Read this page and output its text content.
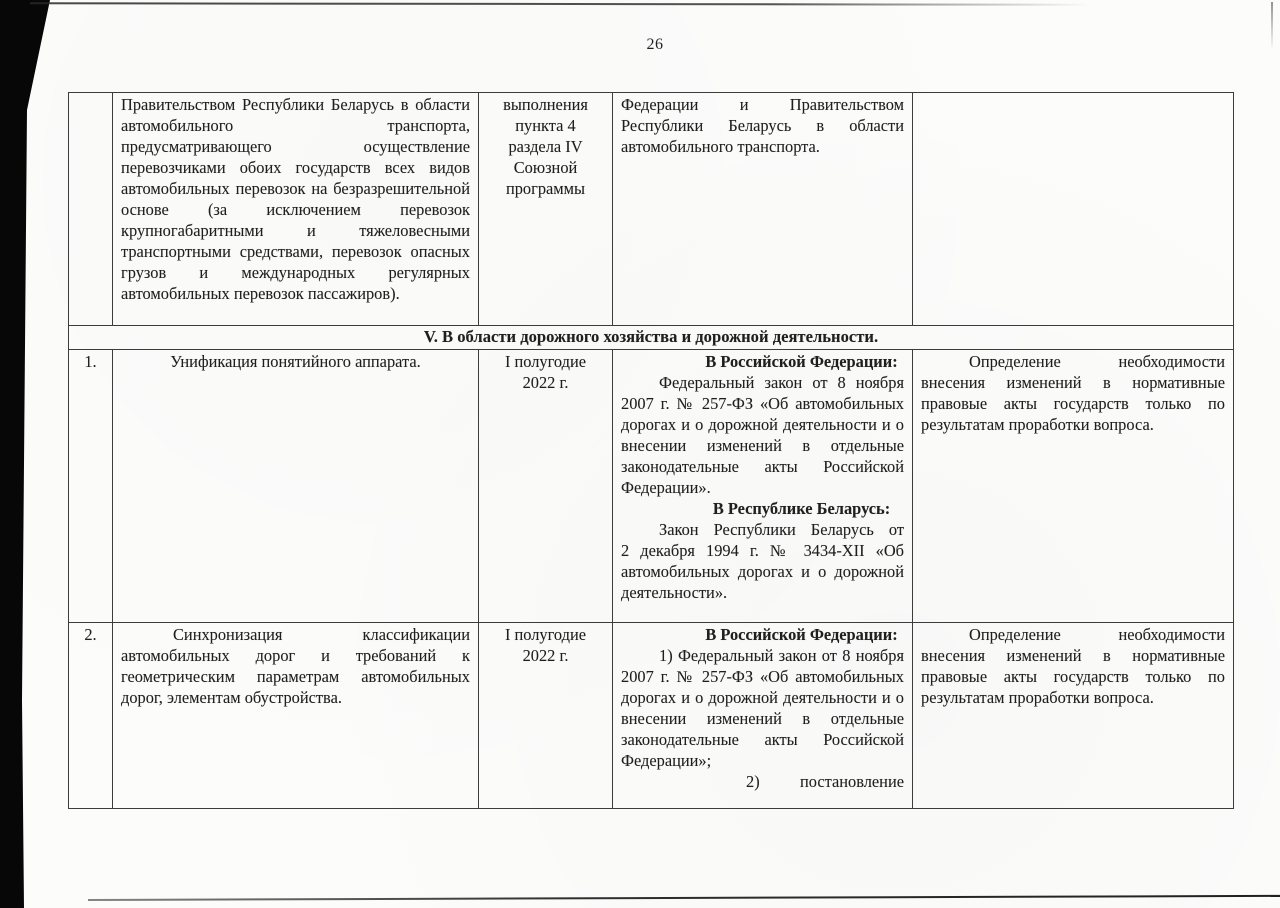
26

	Правительством Республики Беларусь в области автомобильного транспорта, предусматривающего осуществление перевозчиками обоих государств всех видов автомобильных перевозок на безразрешительной основе (за исключением перевозок крупногабаритными и тяжеловесными транспортными средствами, перевозок опасных грузов и международных регулярных автомобильных перевозок пассажиров).	выполнения пункта 4 раздела IV Союзной программы	Федерации и Правительством Республики Беларусь в области автомобильного транспорта.	

V. В области дорожного хозяйства и дорожной деятельности.				
1.	Унификация понятийного аппарата.	I полугодие 2022 г.	В Российской Федерации:

Федеральный закон от 8 ноября 2007 г. № 257-ФЗ «Об автомобильных дорогах и о дорожной деятельности и о внесении изменений в отдельные законодательные акты Российской Федерации».

В Республике Беларусь:

Закон Республики Беларусь от 2 декабря 1994 г. № 3434-XII «Об автомобильных дорогах и о дорожной деятельности».	Определение необходимости внесения изменений в нормативные правовые акты государств только по результатам проработки вопроса.

2.	Синхронизация классификации автомобильных дорог и требований к геометрическим параметрам автомобильных дорог, элементам обустройства.	I полугодие 2022 г.	В Российской Федерации:

1) Федеральный закон от 8 ноября 2007 г. № 257-ФЗ «Об автомобильных дорогах и о дорожной деятельности и о внесении изменений в отдельные законодательные акты Российской Федерации»;

2) постановление	Определение необходимости внесения изменений в нормативные правовые акты государств только по результатам проработки вопроса.
